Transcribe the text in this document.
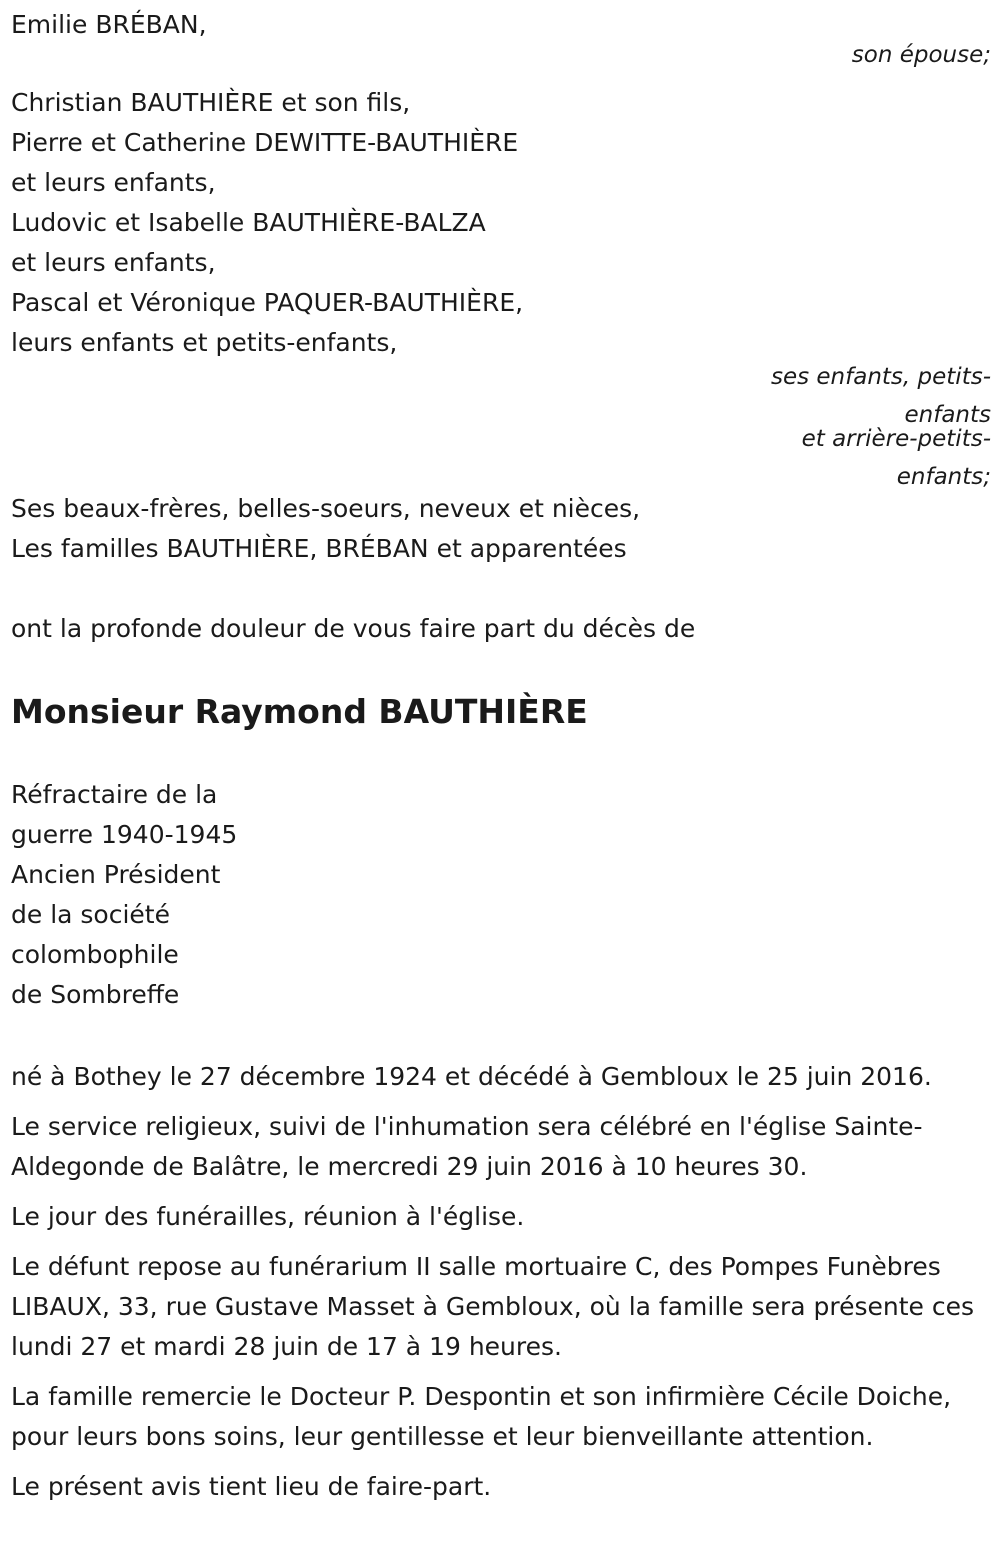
Emilie BRÉBAN,
son épouse;
Christian BAUTHIÈRE et son fils,
Pierre et Catherine DEWITTE-BAUTHIÈRE
et leurs enfants,
Ludovic et Isabelle BAUTHIÈRE-BALZA
et leurs enfants,
Pascal et Véronique PAQUER-BAUTHIÈRE,
leurs enfants et petits-enfants,
ses enfants, petits-
enfants
et arrière-petits-
enfants;
Ses beaux-frères, belles-soeurs, neveux et nièces,
Les familles BAUTHIÈRE, BRÉBAN et apparentées
ont la profonde douleur de vous faire part du décès de
Monsieur Raymond BAUTHIÈRE
Réfractaire de la
guerre 1940-1945
Ancien Président
de la société
colombophile
de Sombreffe
né à Bothey le 27 décembre 1924 et décédé à Gembloux le 25 juin 2016.
Le service religieux, suivi de l'inhumation sera célébré en l'église Sainte-Aldegonde de Balâtre, le mercredi 29 juin 2016 à 10 heures 30.
Le jour des funérailles, réunion à l'église.
Le défunt repose au funérarium II salle mortuaire C, des Pompes Funèbres LIBAUX, 33, rue Gustave Masset à Gembloux, où la famille sera présente ces lundi 27 et mardi 28 juin de 17 à 19 heures.
La famille remercie le Docteur P. Despontin et son infirmière Cécile Doiche, pour leurs bons soins, leur gentillesse et leur bienveillante attention.
Le présent avis tient lieu de faire-part.
